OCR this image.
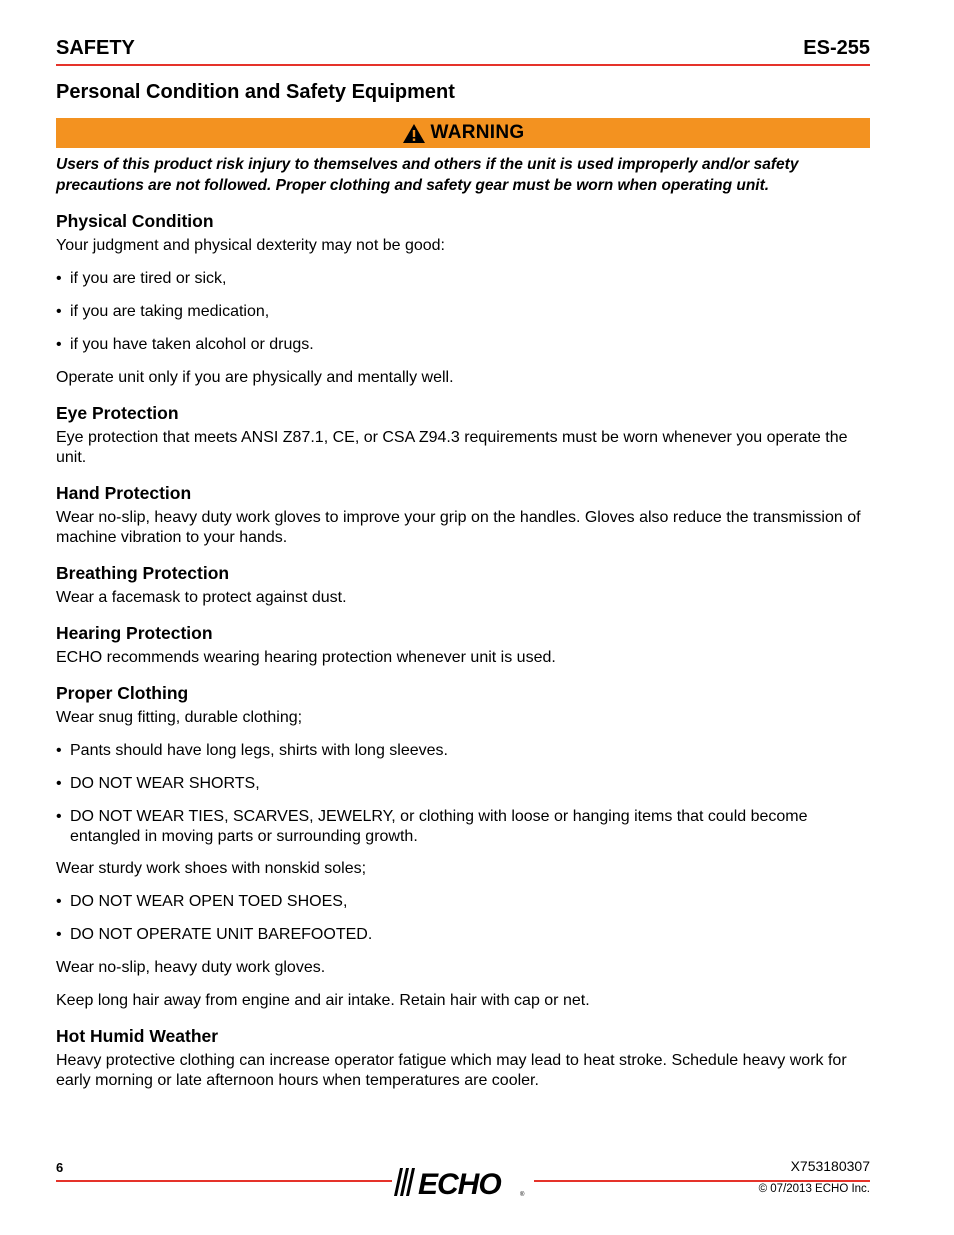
SAFETY	ES-255
Personal Condition and Safety Equipment
WARNING
Users of this product risk injury to themselves and others if the unit is used improperly and/or safety precautions are not followed. Proper clothing and safety gear must be worn when operating unit.
Physical Condition

Your judgment and physical dexterity may not be good:

• if you are tired or sick,
• if you are taking medication,
• if you have taken alcohol or drugs.

Operate unit only if you are physically and mentally well.

Eye Protection

Eye protection that meets ANSI Z87.1, CE, or CSA Z94.3 requirements must be worn whenever you operate the unit.

Hand Protection

Wear no-slip, heavy duty work gloves to improve your grip on the handles. Gloves also reduce the transmission of machine vibration to your hands.

Breathing Protection

Wear a facemask to protect against dust.

Hearing Protection

ECHO recommends wearing hearing protection whenever unit is used.

Proper Clothing

Wear snug fitting, durable clothing;

• Pants should have long legs, shirts with long sleeves.
• DO NOT WEAR SHORTS,
• DO NOT WEAR TIES, SCARVES, JEWELRY, or clothing with loose or hanging items that could become entangled in moving parts or surrounding growth.

Wear sturdy work shoes with nonskid soles;

• DO NOT WEAR OPEN TOED SHOES,
• DO NOT OPERATE UNIT BAREFOOTED.

Wear no-slip, heavy duty work gloves.

Keep long hair away from engine and air intake. Retain hair with cap or net.

Hot Humid Weather

Heavy protective clothing can increase operator fatigue which may lead to heat stroke. Schedule heavy work for early morning or late afternoon hours when temperatures are cooler.

6
ECHO	®
X753180307
© 07/2013 ECHO Inc.
